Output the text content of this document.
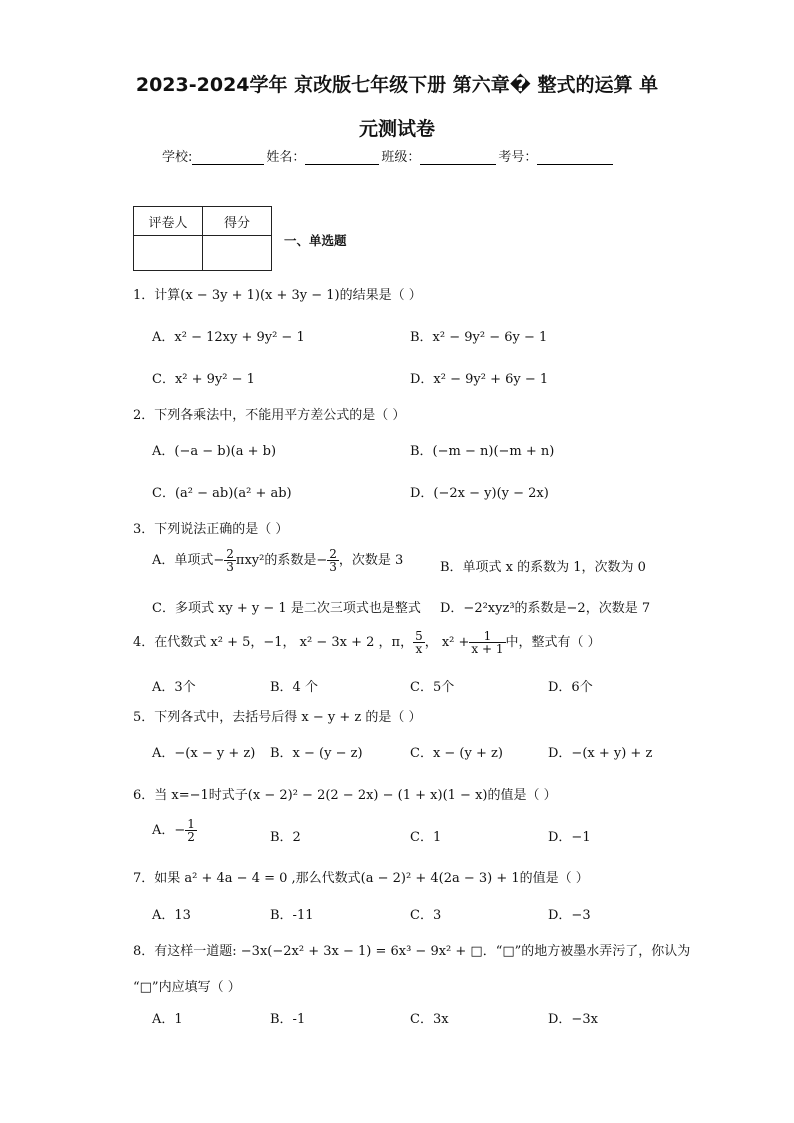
2023-2024学年 京改版七年级下册 第六章� 整式的运算 单
元测试卷
学校:	姓名：	班级：	考号：
评卷人	得分

一、单选题
1．计算(x − 3y + 1)(x + 3y − 1)的结果是（ ）
A．x² − 12xy + 9y² − 1	B．x² − 9y² − 6y − 1
C．x² + 9y² − 1	D．x² − 9y² + 6y − 1
2．下列各乘法中，不能用平方差公式的是（ ）
A．(−a − b)(a + b)	B．(−m − n)(−m + n)
C．(a² − ab)(a² + ab)	D．(−2x − y)(y − 2x)
3．下列说法正确的是（ ）
A．单项式− $\frac{2}{3} \pi xy^2$的系数是− $\frac{2}{3}$ ，次数是 3	B．单项式 x 的系数为 1，次数为 0
C．多项式 xy + y − 1 是二次三项式也是整式 D．−2²xyz³的系数是−2，次数是 7
4．在代数式 x² + 5，−1， x² − 3x + 2 ，π， $\frac{5}{x}$ ， $x^2 + \frac{1}{x + 1}$ 中，整式有（ ）
A．3个	B．4 个	C．5个	D．6个
5．下列各式中，去括号后得 x − y + z 的是（ ）
A．−(x − y + z) B．x − (y − z)	C．x − (y + z)	D．−(x + y) + z
6．当 x=−1时式子(x − 2)² − 2(2 − 2x) − (1 + x)(1 − x)的值是（ ）
A．− $\frac{1}{2}$	B．2	C．1	D．−1
7．如果 a² + 4a − 4 = 0 ,那么代数式(a − 2)² + 4(2a − 3) + 1的值是（ ）
A．13	B．-11	C．3	D．−3
8．有这样一道题: −3x(−2x² + 3x − 1) = 6x³ − 9x² + □．“□”的地方被墨水弄污了，你认为
“□”内应填写（ ）
A．1	B．-1	C．3x	D．−3x
